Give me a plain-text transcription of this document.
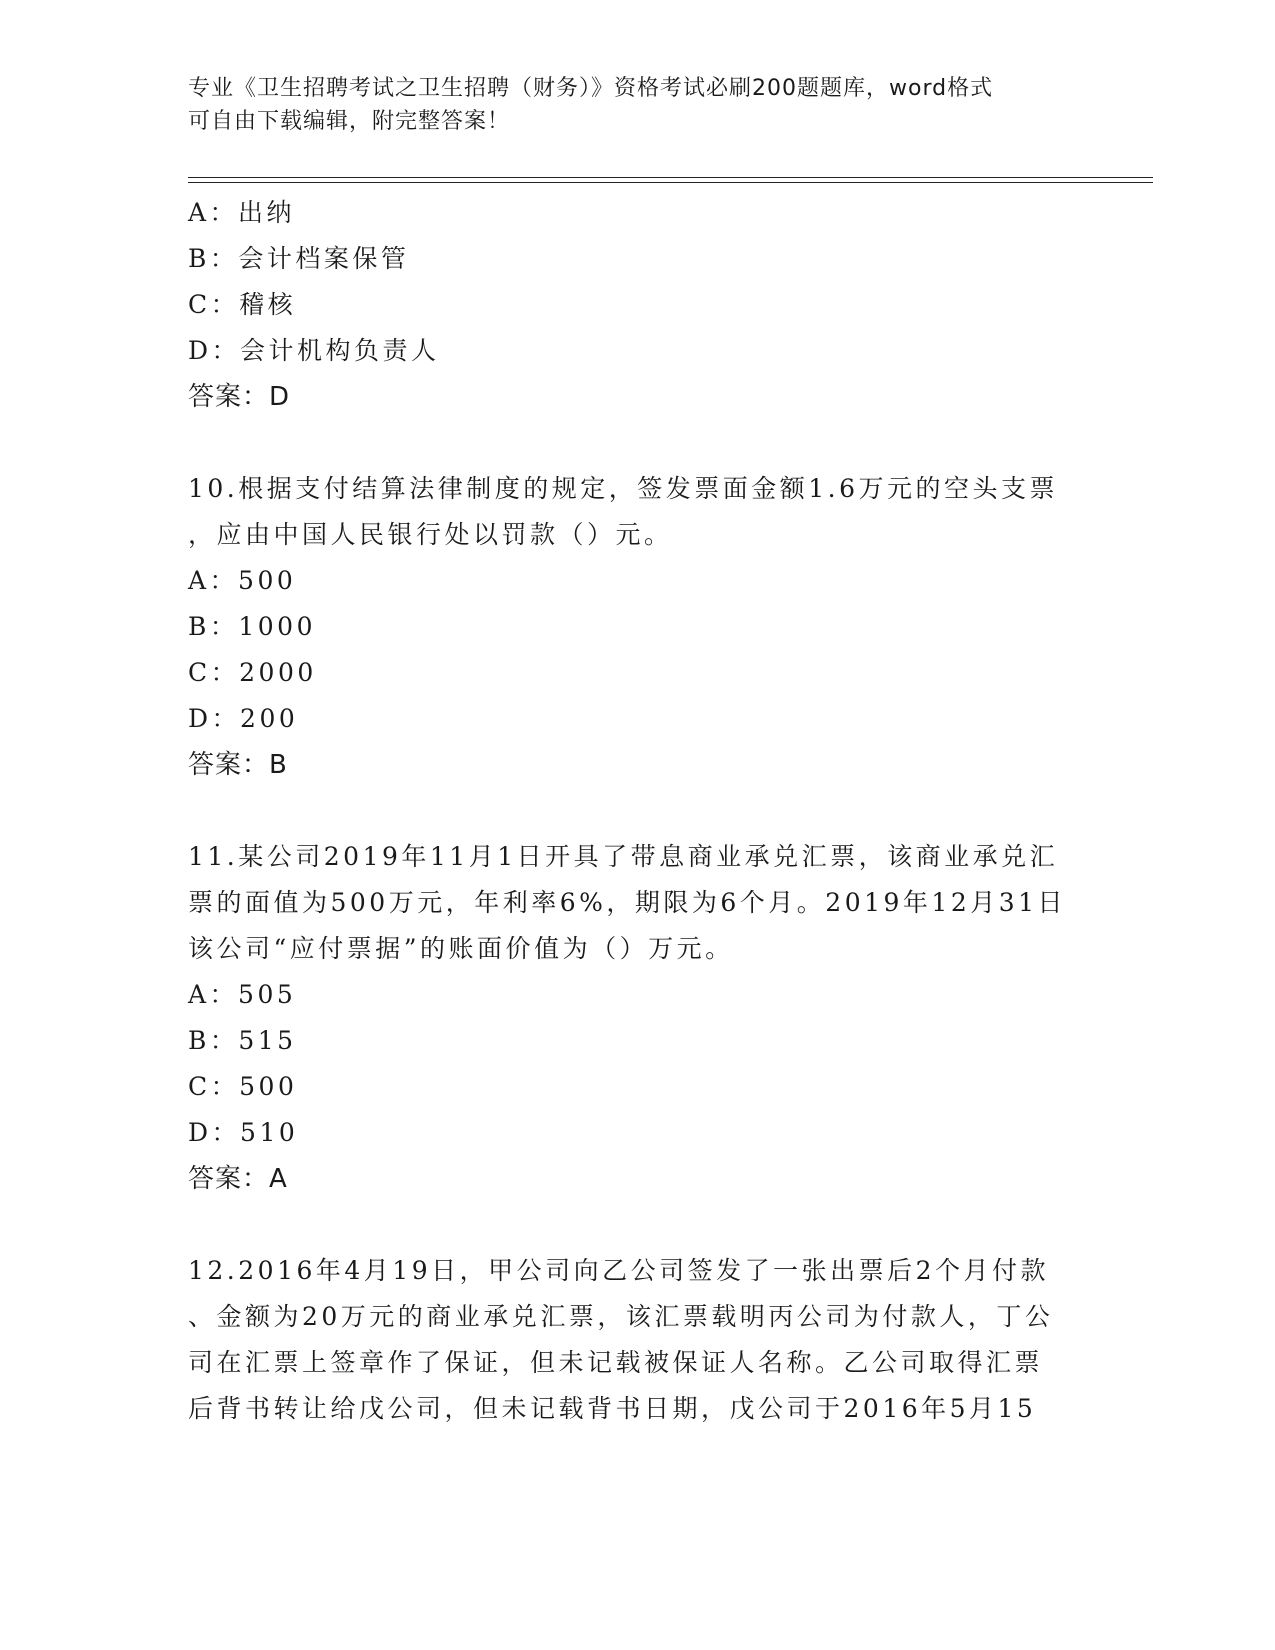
专业《卫生招聘考试之卫生招聘（财务）》资格考试必刷200题题库，word格式
可自由下载编辑，附完整答案！
A：出纳
B：会计档案保管
C：稽核
D：会计机构负责人
答案：D
10.根据支付结算法律制度的规定，签发票面金额1.6万元的空头支票
，应由中国人民银行处以罚款（）元。
A：500
B：1000
C：2000
D：200
答案：B
11.某公司2019年11月1日开具了带息商业承兑汇票，该商业承兑汇
票的面值为500万元，年利率6%，期限为6个月。2019年12月31日
该公司“应付票据”的账面价值为（）万元。
A：505
B：515
C：500
D：510
答案：A
12.2016年4月19日，甲公司向乙公司签发了一张出票后2个月付款
、金额为20万元的商业承兑汇票，该汇票载明丙公司为付款人，丁公
司在汇票上签章作了保证，但未记载被保证人名称。乙公司取得汇票
后背书转让给戊公司，但未记载背书日期，戊公司于2016年5月15
